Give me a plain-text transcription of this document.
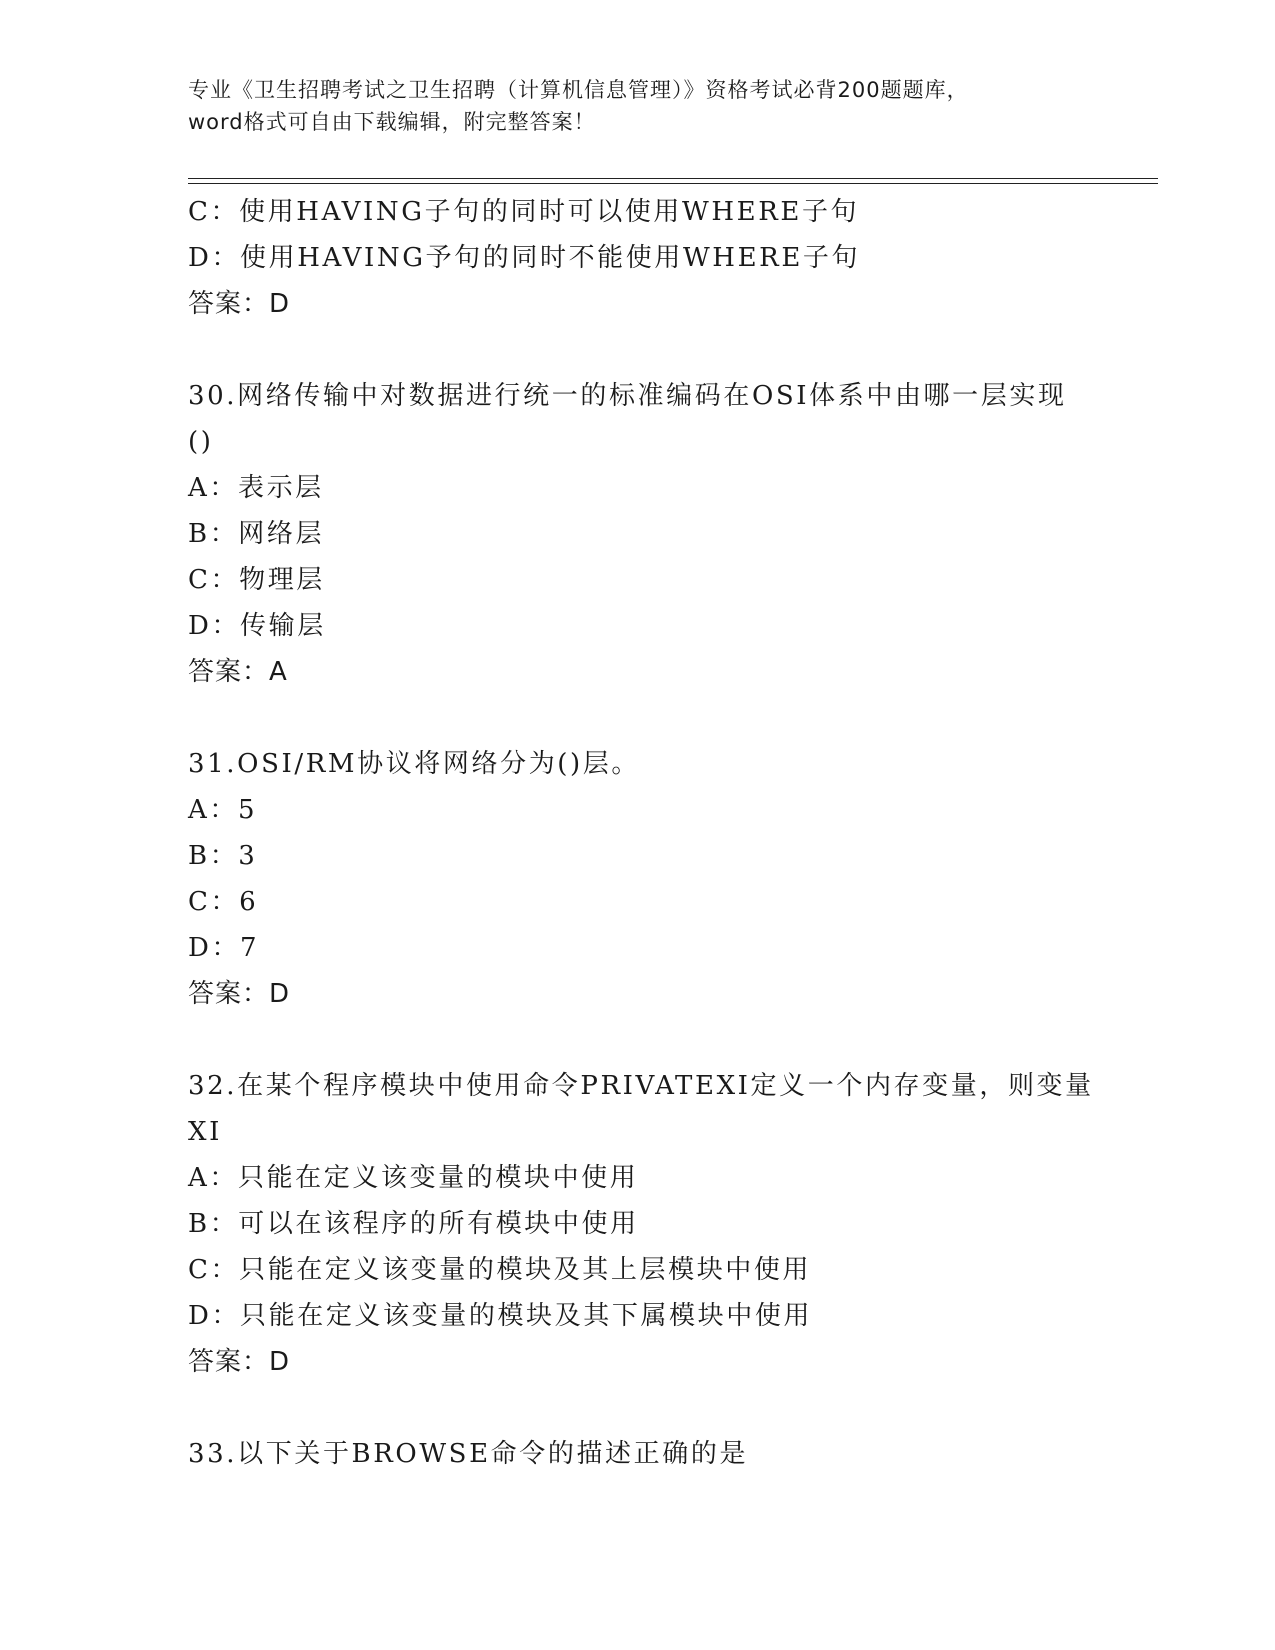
专业《卫生招聘考试之卫生招聘（计算机信息管理）》资格考试必背200题题库，
word格式可自由下载编辑，附完整答案！
C：使用HAVING子句的同时可以使用WHERE子句
D：使用HAVING予句的同时不能使用WHERE子句
答案：D
30.网络传输中对数据进行统一的标准编码在OSI体系中由哪一层实现
()
A：表示层
B：网络层
C：物理层
D：传输层
答案：A
31.OSI/RM协议将网络分为()层。
A：5
B：3
C：6
D：7
答案：D
32.在某个程序模块中使用命令PRIVATEXI定义一个内存变量，则变量
XI
A：只能在定义该变量的模块中使用
B：可以在该程序的所有模块中使用
C：只能在定义该变量的模块及其上层模块中使用
D：只能在定义该变量的模块及其下属模块中使用
答案：D
33.以下关于BROWSE命令的描述正确的是
